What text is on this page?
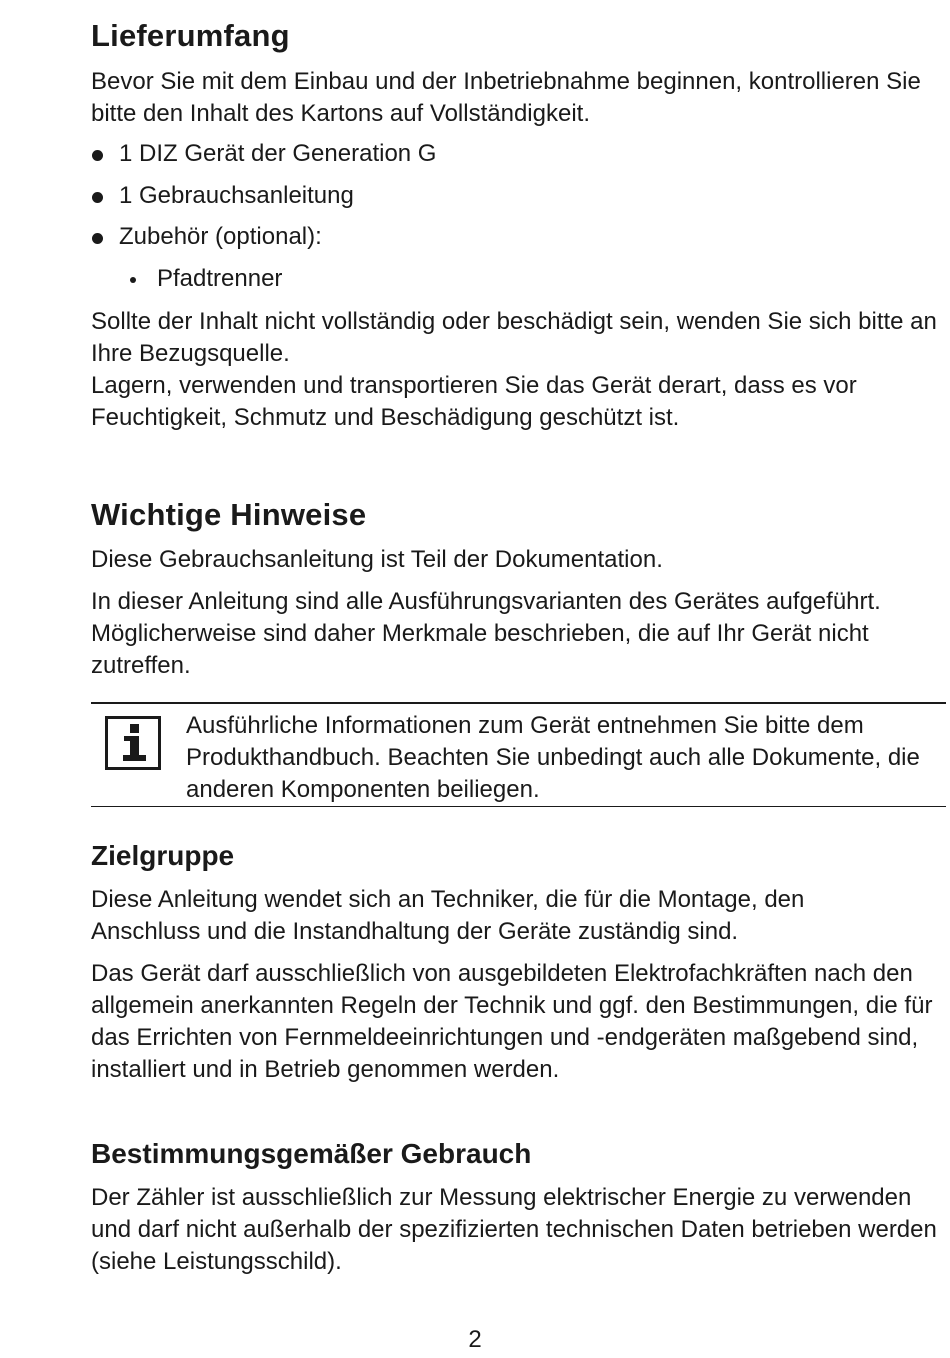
Lieferumfang

Bevor Sie mit dem Einbau und der Inbetriebnahme beginnen, kontrollieren Sie bitte den Inhalt des Kartons auf Vollständigkeit.

1 DIZ Gerät der Generation G
1 Gebrauchsanleitung
Zubehör (optional):
Pfadtrenner

Sollte der Inhalt nicht vollständig oder beschädigt sein, wenden Sie sich bitte an Ihre Bezugsquelle.

Lagern, verwenden und transportieren Sie das Gerät derart, dass es vor Feuchtigkeit, Schmutz und Beschädigung geschützt ist.

Wichtige Hinweise

Diese Gebrauchsanleitung ist Teil der Dokumentation.

In dieser Anleitung sind alle Ausführungsvarianten des Gerätes aufgeführt. Möglicherweise sind daher Merkmale beschrieben, die auf Ihr Gerät nicht zutreffen.

Ausführliche Informationen zum Gerät entnehmen Sie bitte dem Produkthandbuch. Beachten Sie unbedingt auch alle Dokumente, die anderen Komponenten beiliegen.
Zielgruppe

Diese Anleitung wendet sich an Techniker, die für die Montage, den Anschluss und die Instandhaltung der Geräte zuständig sind.

Das Gerät darf ausschließlich von ausgebildeten Elektrofachkräften nach den allgemein anerkannten Regeln der Technik und ggf. den Bestimmungen, die für das Errichten von Fernmeldeeinrichtungen und -endgeräten maßgebend sind, installiert und in Betrieb genommen werden.

Bestimmungsgemäßer Gebrauch

Der Zähler ist ausschließlich zur Messung elektrischer Energie zu verwenden und darf nicht außerhalb der spezifizierten technischen Daten betrieben werden (siehe Leistungsschild).

2
